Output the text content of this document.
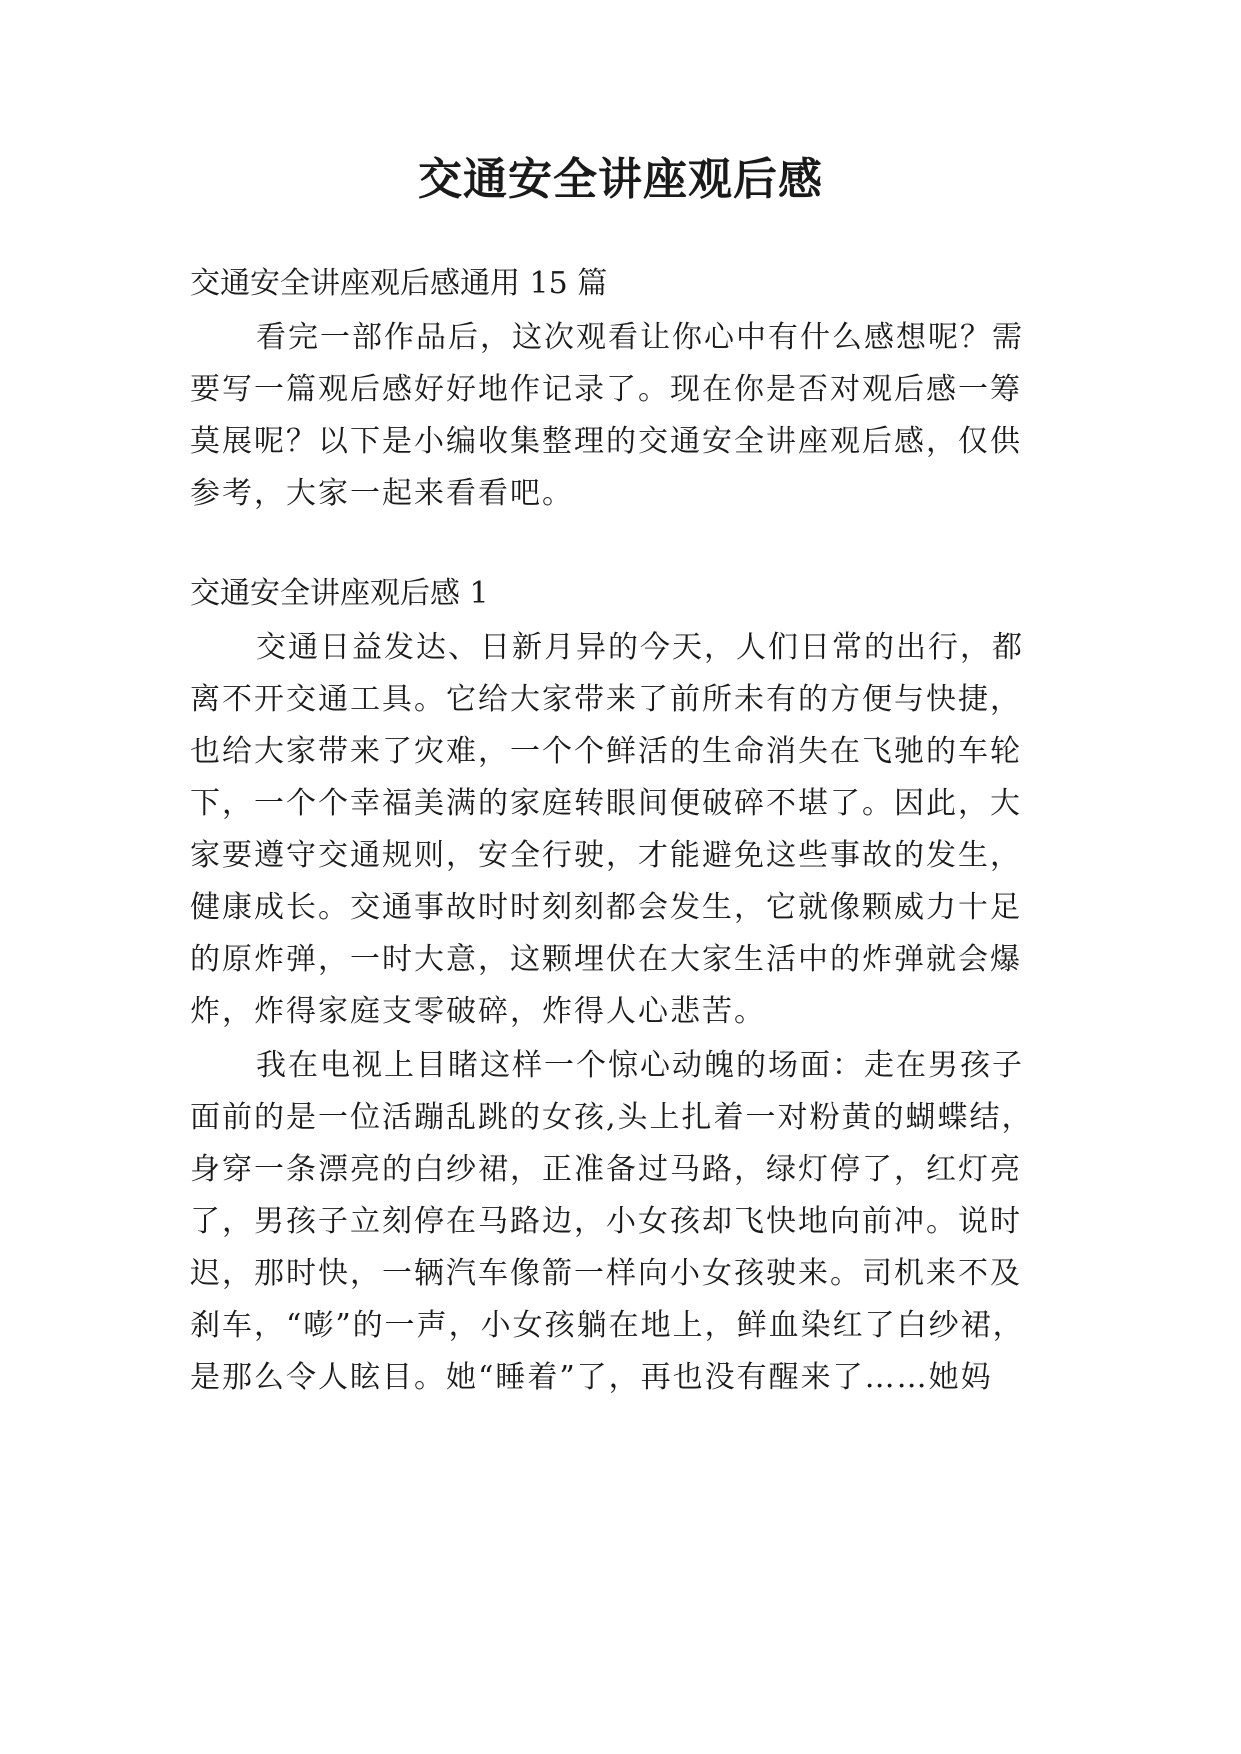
交通安全讲座观后感
交通安全讲座观后感通用 15 篇
看完一部作品后，这次观看让你心中有什么感想呢？需
要写一篇观后感好好地作记录了。现在你是否对观后感一筹
莫展呢？以下是小编收集整理的交通安全讲座观后感，仅供
参考，大家一起来看看吧。
交通安全讲座观后感 1
交通日益发达、日新月异的今天，人们日常的出行，都
离不开交通工具。它给大家带来了前所未有的方便与快捷，
也给大家带来了灾难，一个个鲜活的生命消失在飞驰的车轮
下，一个个幸福美满的家庭转眼间便破碎不堪了。因此，大
家要遵守交通规则，安全行驶，才能避免这些事故的发生，
健康成长。交通事故时时刻刻都会发生，它就像颗威力十足
的原炸弹，一时大意，这颗埋伏在大家生活中的炸弹就会爆
炸，炸得家庭支零破碎，炸得人心悲苦。
我在电视上目睹这样一个惊心动魄的场面：走在男孩子
面前的是一位活蹦乱跳的女孩,头上扎着一对粉黄的蝴蝶结，
身穿一条漂亮的白纱裙，正准备过马路，绿灯停了，红灯亮
了，男孩子立刻停在马路边，小女孩却飞快地向前冲。说时
迟，那时快，一辆汽车像箭一样向小女孩驶来。司机来不及
刹车，“嘭”的一声，小女孩躺在地上，鲜血染红了白纱裙，
是那么令人眩目。她“睡着”了，再也没有醒来了……她妈
